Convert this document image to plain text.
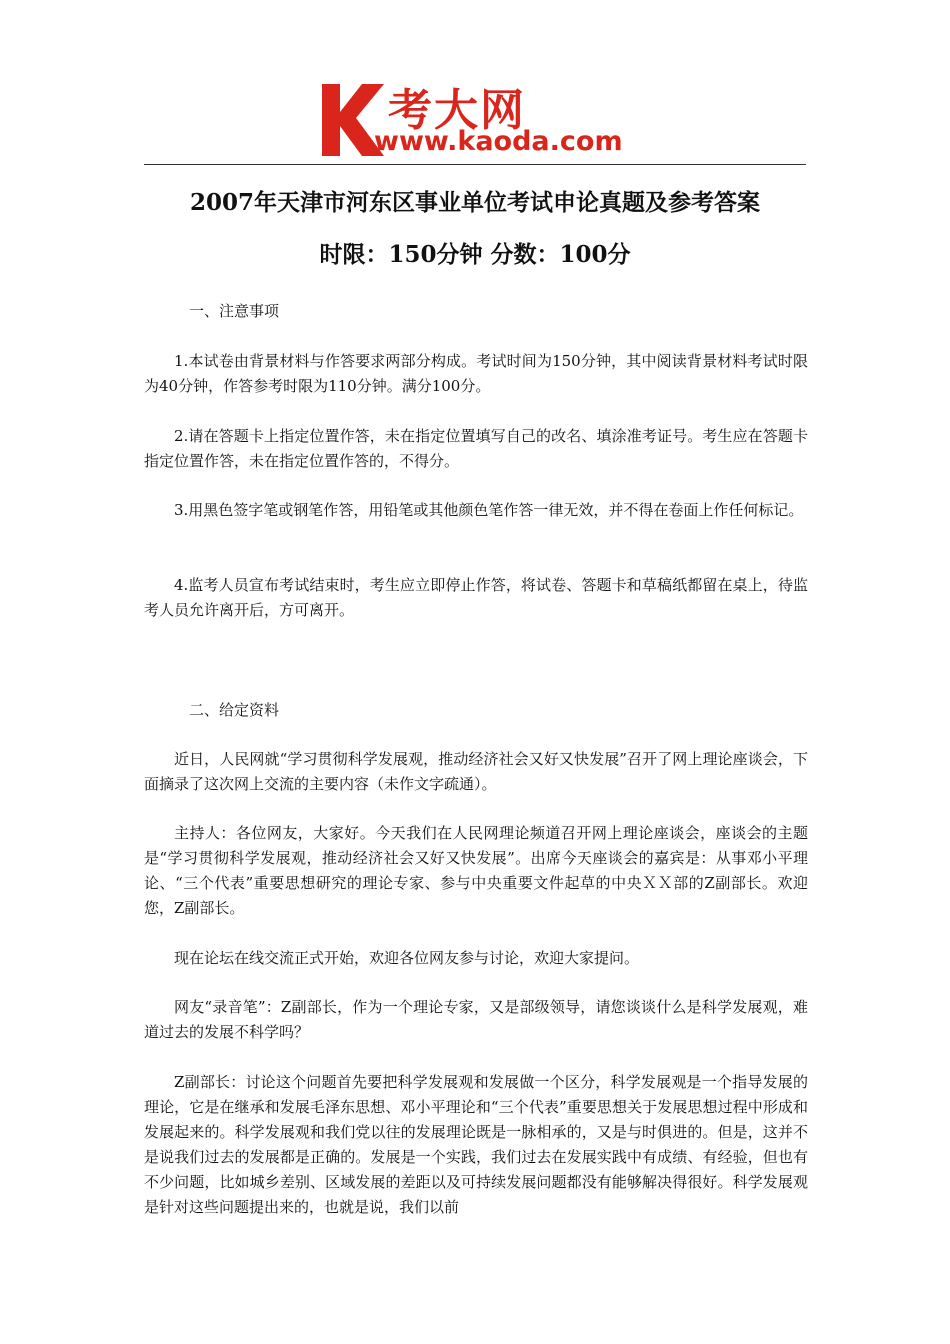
考大网
www.kaoda.com
2007年天津市河东区事业单位考试申论真题及参考答案
时限：150分钟 分数：100分
一、注意事项
1.本试卷由背景材料与作答要求两部分构成。考试时间为150分钟，其中阅读背景材料考试时限为40分钟，作答参考时限为110分钟。满分100分。
2.请在答题卡上指定位置作答，未在指定位置填写自己的改名、填涂准考证号。考生应在答题卡指定位置作答，未在指定位置作答的，不得分。
3.用黑色签字笔或钢笔作答，用铅笔或其他颜色笔作答一律无效，并不得在卷面上作任何标记。
4.监考人员宣布考试结束时，考生应立即停止作答，将试卷、答题卡和草稿纸都留在桌上，待监考人员允许离开后，方可离开。
二、给定资料
近日，人民网就“学习贯彻科学发展观，推动经济社会又好又快发展”召开了网上理论座谈会，下面摘录了这次网上交流的主要内容（未作文字疏通）。
主持人：各位网友，大家好。今天我们在人民网理论频道召开网上理论座谈会，座谈会的主题是“学习贯彻科学发展观，推动经济社会又好又快发展”。出席今天座谈会的嘉宾是：从事邓小平理论、“三个代表”重要思想研究的理论专家、参与中央重要文件起草的中央ＸＸ部的Z副部长。欢迎您，Z副部长。
现在论坛在线交流正式开始，欢迎各位网友参与讨论，欢迎大家提问。
网友“录音笔”：Z副部长，作为一个理论专家，又是部级领导，请您谈谈什么是科学发展观，难道过去的发展不科学吗？
Z副部长：讨论这个问题首先要把科学发展观和发展做一个区分，科学发展观是一个指导发展的理论，它是在继承和发展毛泽东思想、邓小平理论和“三个代表”重要思想关于发展思想过程中形成和发展起来的。科学发展观和我们党以往的发展理论既是一脉相承的，又是与时俱进的。但是，这并不是说我们过去的发展都是正确的。发展是一个实践，我们过去在发展实践中有成绩、有经验，但也有不少问题，比如城乡差别、区域发展的差距以及可持续发展问题都没有能够解决得很好。科学发展观是针对这些问题提出来的，也就是说，我们以前
